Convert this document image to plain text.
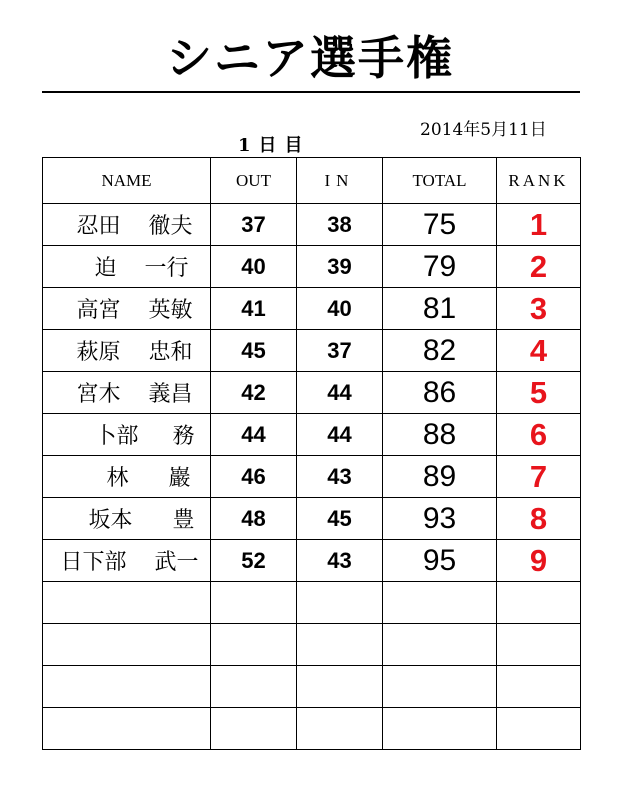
シニア選手権
2014年5月11日
1日目
NAME	OUT	IN	TOTAL	RANK
忍田 徹夫	37	38	75	1
迫 一行	40	39	79	2
高宮 英敏	41	40	81	3
萩原 忠和	45	37	82	4
宮木 義昌	42	44	86	5
卜部 務	44	44	88	6
林 巖	46	43	89	7
坂本 豊	48	45	93	8
日下部 武一	52	43	95	9
